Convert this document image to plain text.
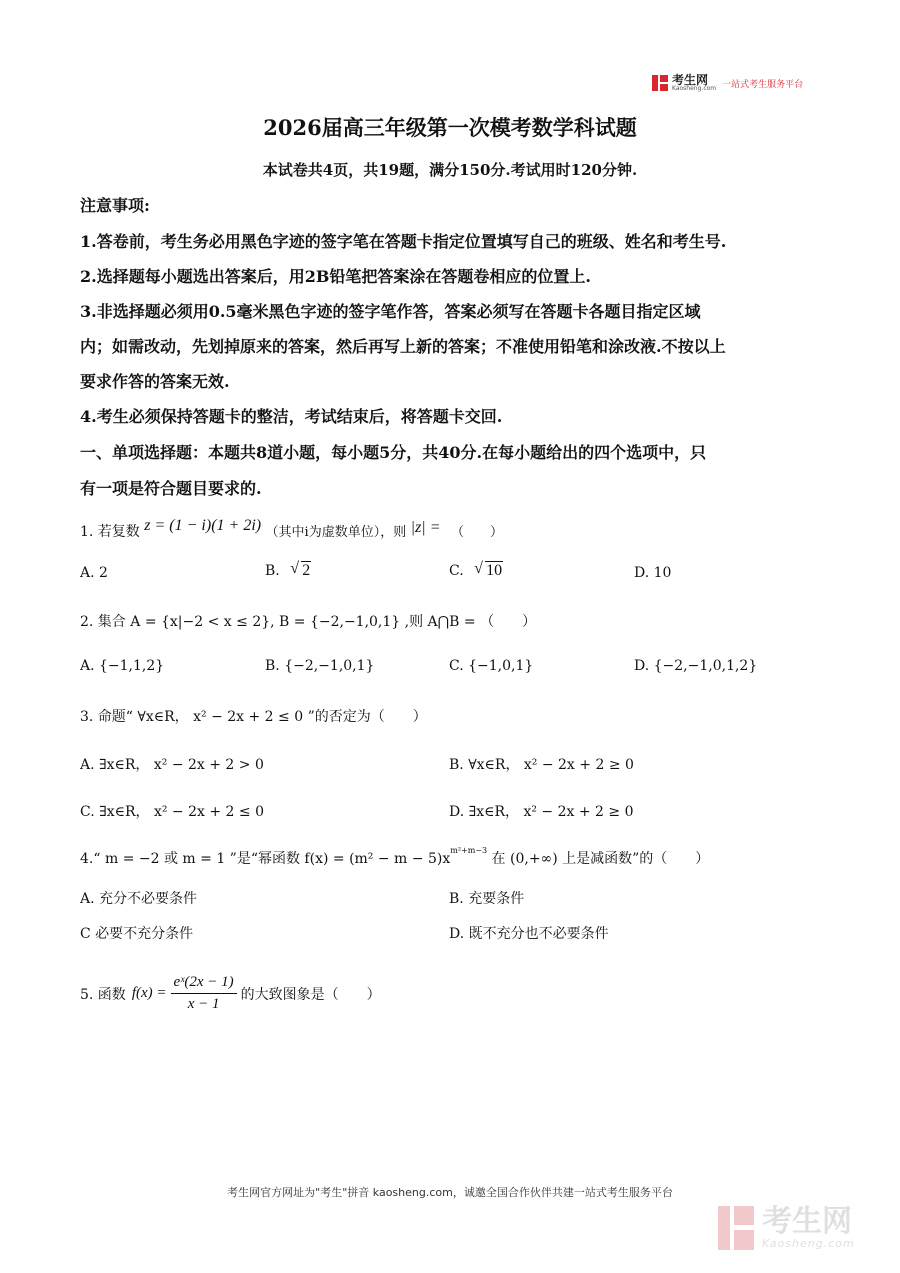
考生网
Kaosheng.com 一站式考生服务平台
2026届高三年级第一次模考数学科试题
本试卷共4页，共19题，满分150分.考试用时120分钟.
注意事项:
1.答卷前，考生务必用黑色字迹的签字笔在答题卡指定位置填写自己的班级、姓名和考生号.
2.选择题每小题选出答案后，用2B铅笔把答案涂在答题卷相应的位置上.
3.非选择题必须用0.5毫米黑色字迹的签字笔作答，答案必须写在答题卡各题目指定区域
内；如需改动，先划掉原来的答案，然后再写上新的答案；不准使用铅笔和涂改液.不按以上
要求作答的答案无效.
4.考生必须保持答题卡的整洁，考试结束后，将答题卡交回.
一、单项选择题：本题共8道小题，每小题5分，共40分.在每小题给出的四个选项中，只
有一项是符合题目要求的.
1. 若复数 z = (1 − i)(1 + 2i) （其中i为虚数单位），则 |z| = （　　）
A. 2	B. √ 2	C. √ 10	D. 10
2. 集合 A = {x|−2 < x ≤ 2}, B = {−2,−1,0,1} ,则 A⋂B = （　　）
A. {−1,1,2}	B. {−2,−1,0,1}	C. {−1,0,1}	D. {−2,−1,0,1,2}
3. 命题“ ∀x∈R， x² − 2x + 2 ≤ 0 ”的否定为（　　）
A. ∃x∈R， x² − 2x + 2 > 0	B. ∀x∈R， x² − 2x + 2 ≥ 0
C. ∃x∈R， x² − 2x + 2 ≤ 0	D. ∃x∈R， x² − 2x + 2 ≥ 0
4.“ m = −2 或 m = 1 ”是“幂函数 $f(x) = (m^2 - m - 5)x^{m^2+m-3}$ 在 (0,+∞) 上是减函数”的（　　）
A. 充分不必要条件	B. 充要条件
C 必要不充分条件	D. 既不充分也不必要条件
5. 函数 $f(x) = \frac{\text{eˣ(2x − 1)}}{x - 1}$ 的大致图象是（　　）
考生网官方网址为"考生"拼音 kaosheng.com，诚邀全国合作伙伴共建一站式考生服务平台
考生网
Kaosheng.com
